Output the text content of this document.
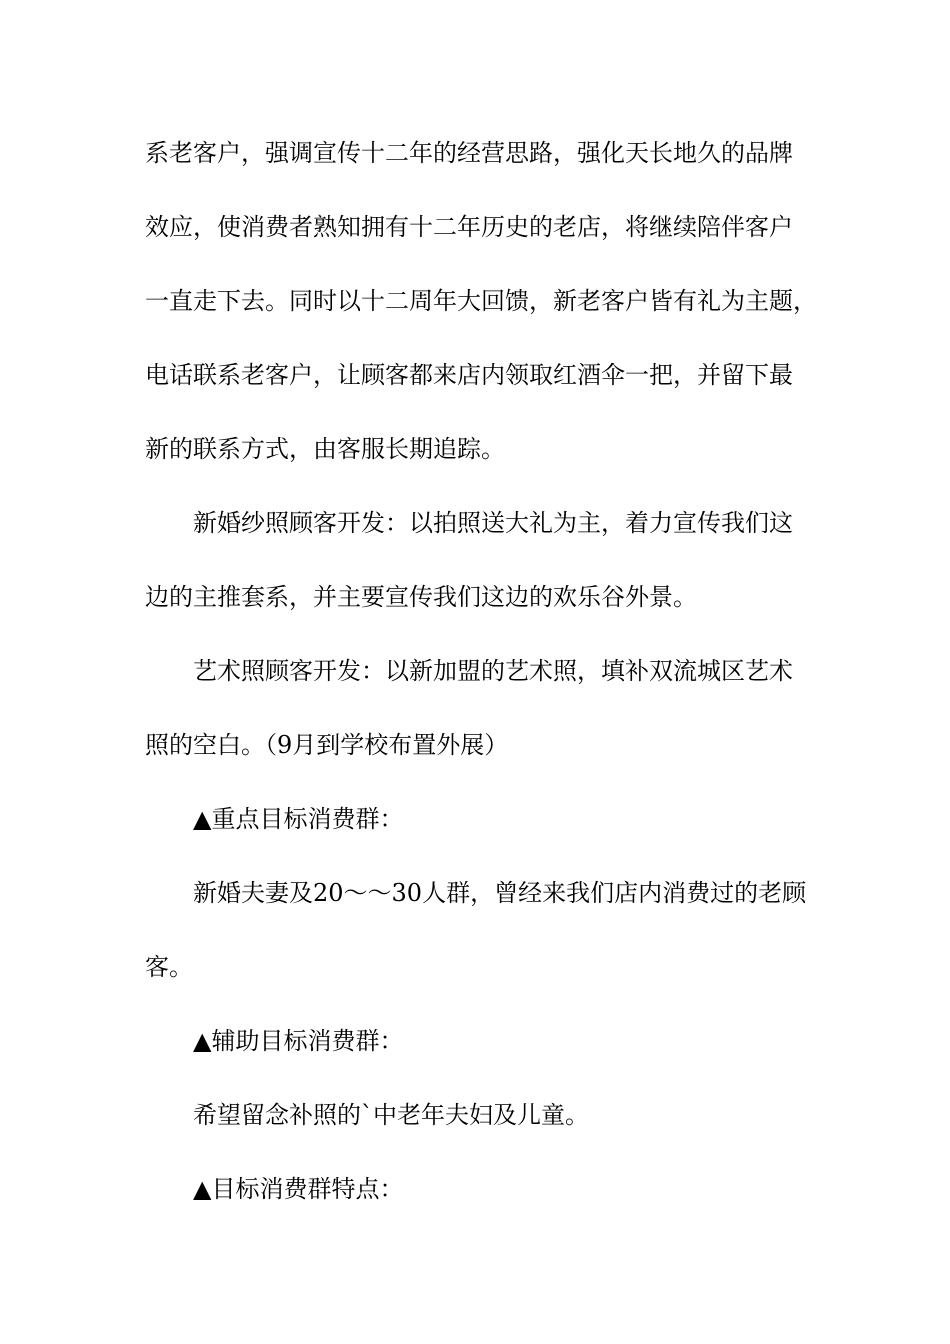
系老客户，强调宣传十二年的经营思路，强化天长地久的品牌
效应，使消费者熟知拥有十二年历史的老店，将继续陪伴客户
一直走下去。同时以十二周年大回馈，新老客户皆有礼为主题，
电话联系老客户，让顾客都来店内领取红酒伞一把，并留下最
新的联系方式，由客服长期追踪。
新婚纱照顾客开发：以拍照送大礼为主，着力宣传我们这
边的主推套系，并主要宣传我们这边的欢乐谷外景。
艺术照顾客开发：以新加盟的艺术照，填补双流城区艺术
照的空白。（9月到学校布置外展）
▲重点目标消费群：
新婚夫妻及20～～30人群，曾经来我们店内消费过的老顾
客。
▲辅助目标消费群：
希望留念补照的`中老年夫妇及儿童。
▲目标消费群特点：
